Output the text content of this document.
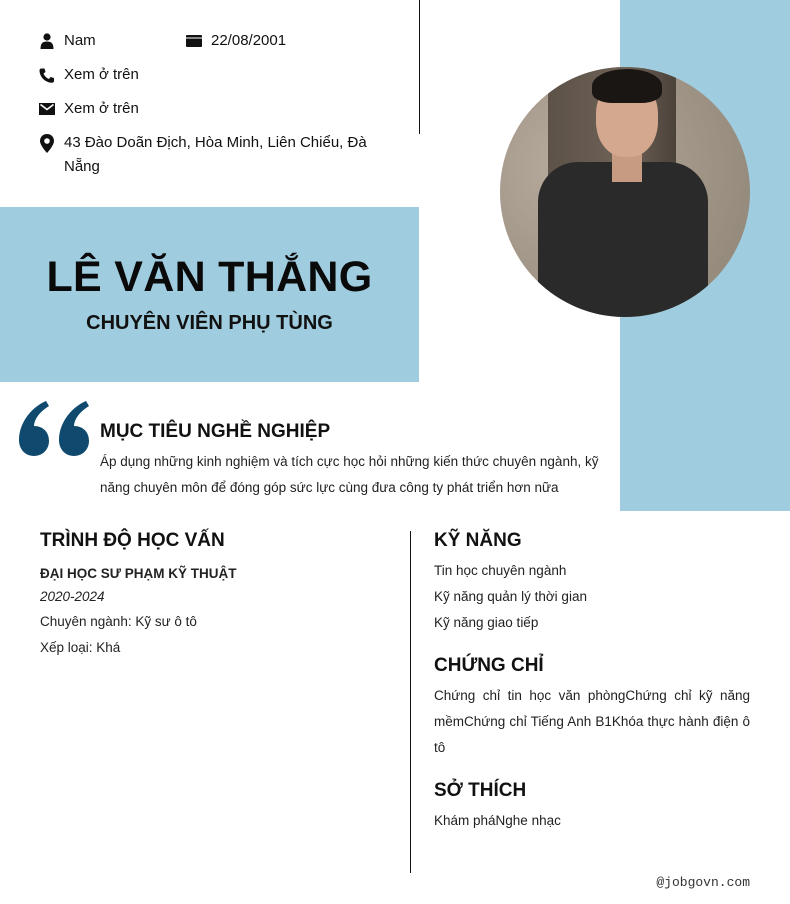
Nam	22/08/2001
Xem ở trên
Xem ở trên
43 Đào Doãn Địch, Hòa Minh, Liên Chiểu, Đà Nẵng
LÊ VĂN THẮNG
CHUYÊN VIÊN PHỤ TÙNG
MỤC TIÊU NGHỀ NGHIỆP
Áp dụng những kinh nghiệm và tích cực học hỏi những kiến thức chuyên ngành, kỹ năng chuyên môn để đóng góp sức lực cùng đưa công ty phát triển hơn nữa
TRÌNH ĐỘ HỌC VẤN
ĐẠI HỌC SƯ PHẠM KỸ THUẬT
2020-2024
Chuyên ngành: Kỹ sư ô tô
Xếp loại: Khá
KỸ NĂNG
Tin học chuyên ngành
Kỹ năng quản lý thời gian
Kỹ năng giao tiếp
CHỨNG CHỈ
Chứng chỉ tin học văn phòngChứng chỉ kỹ năng mềmChứng chỉ Tiếng Anh B1Khóa thực hành điện ô tô
SỞ THÍCH
Khám pháNghe nhạc
@jobgovn.com
